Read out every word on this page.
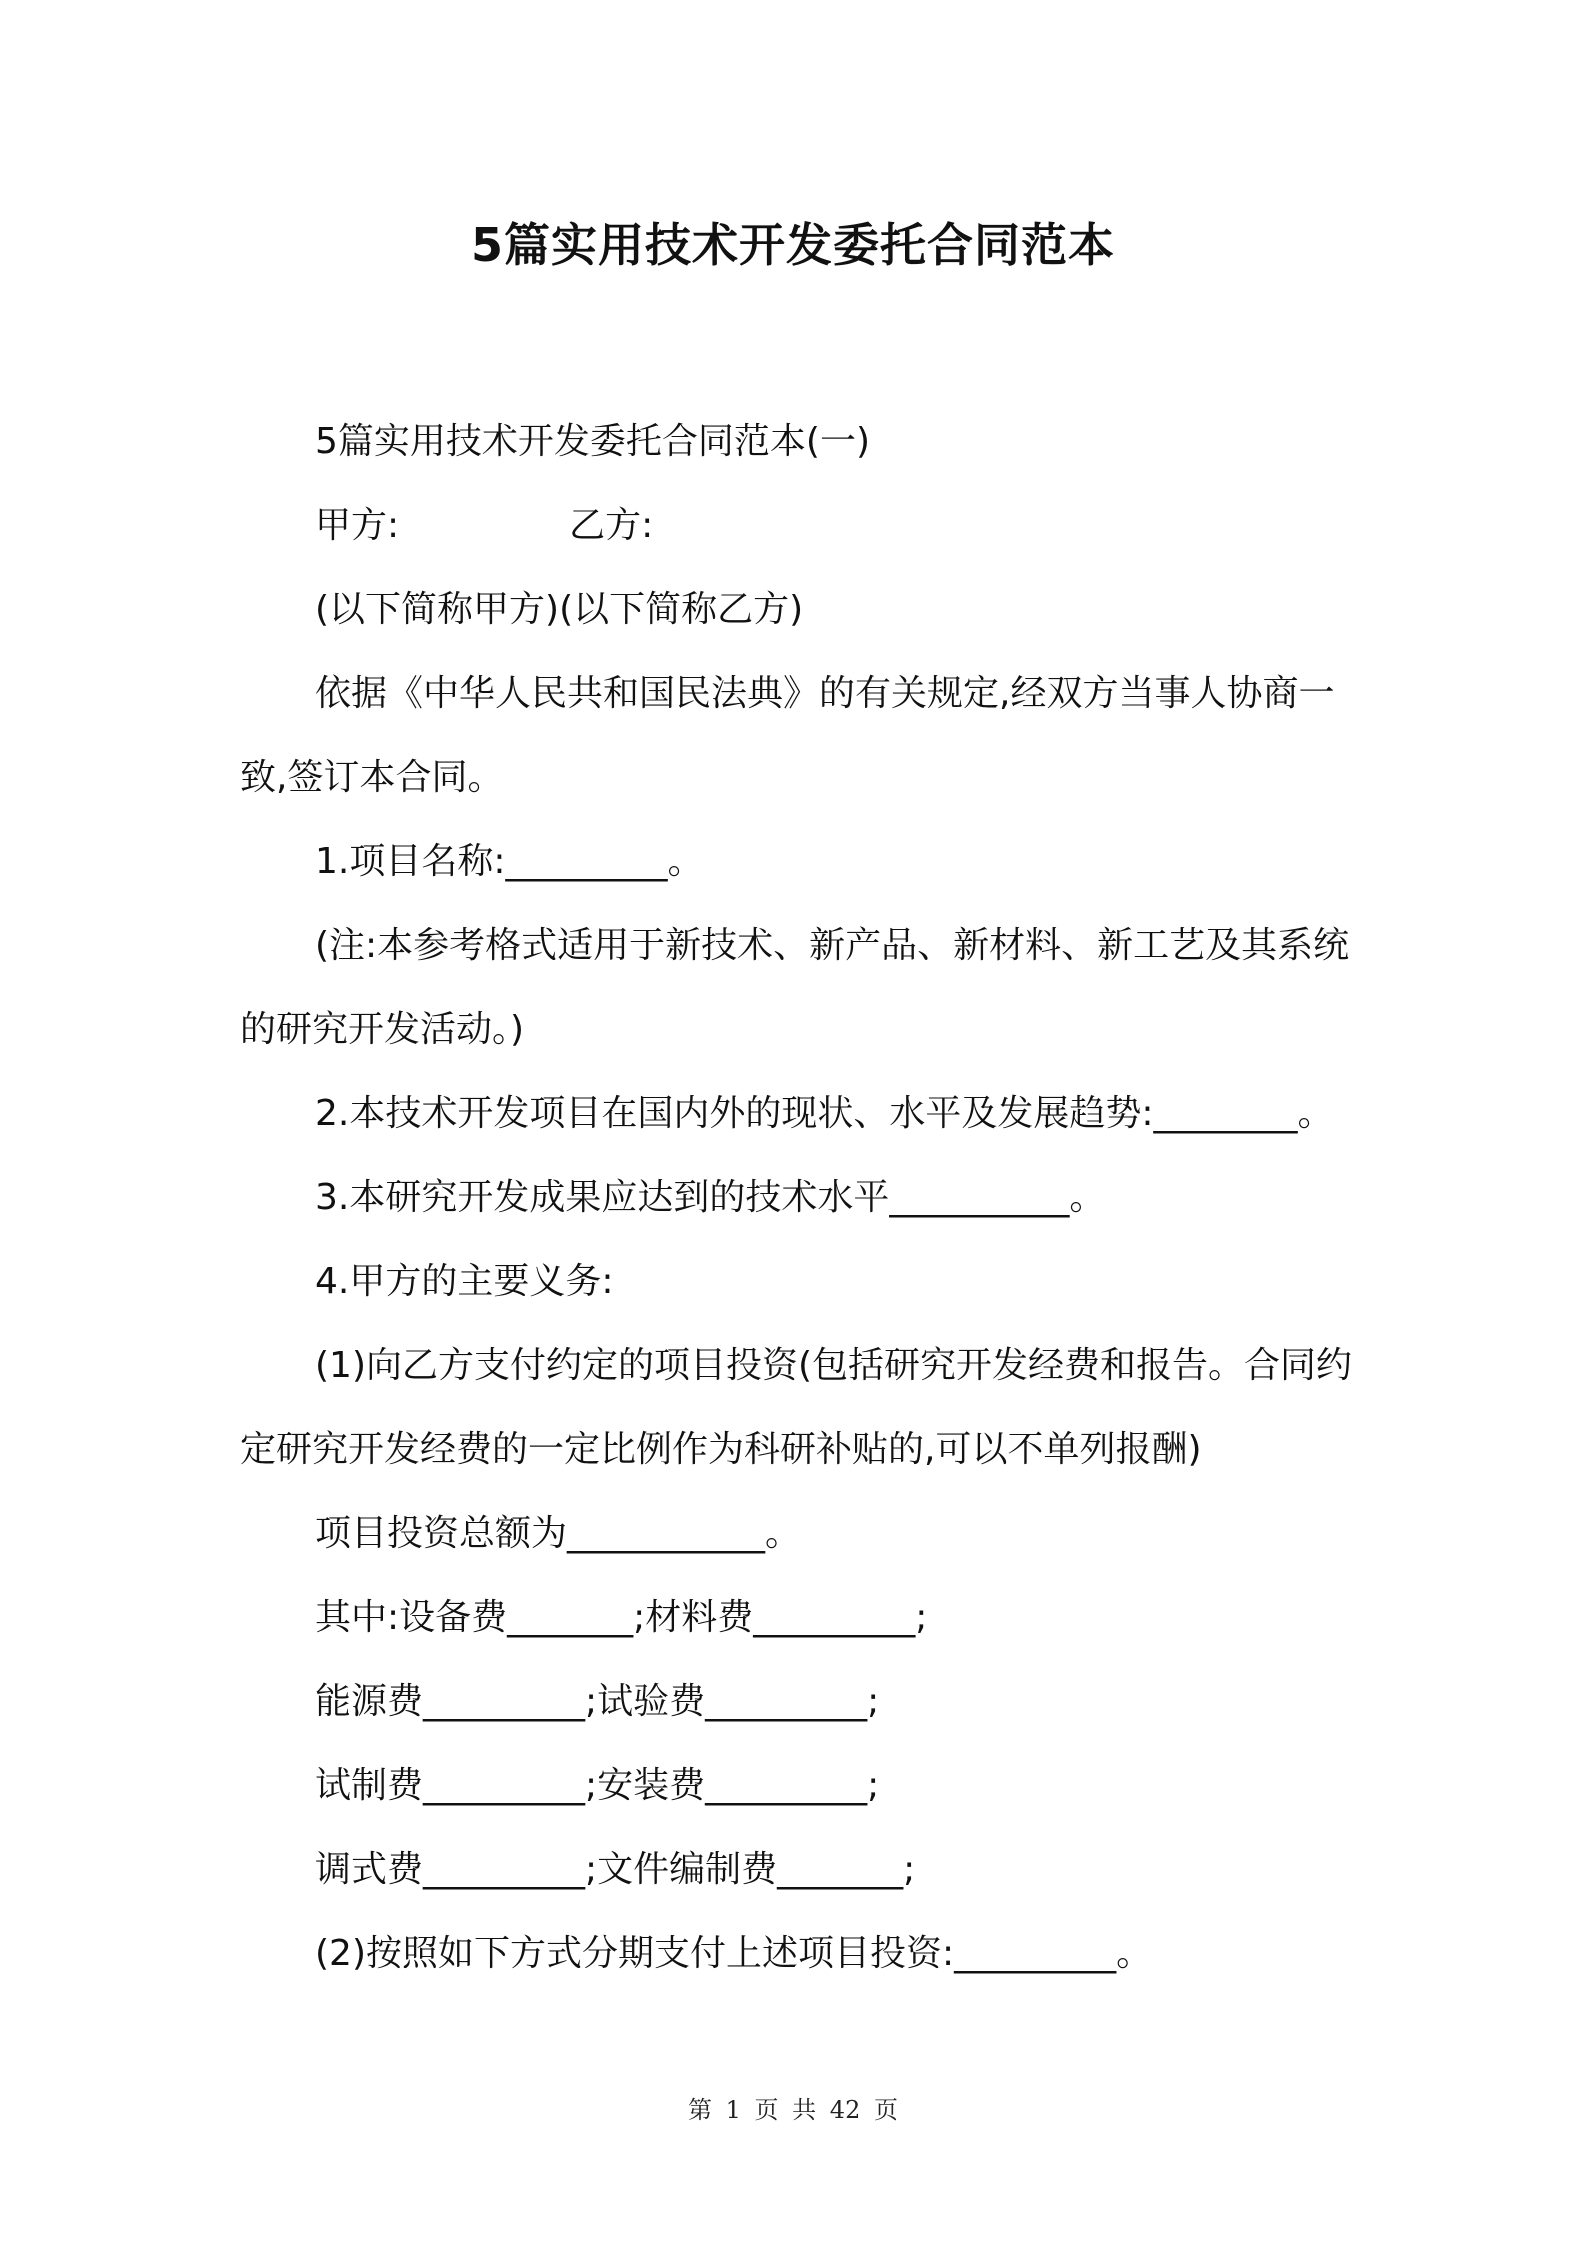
5篇实用技术开发委托合同范本

5篇实用技术开发委托合同范本(一)

甲方:	乙方:

(以下简称甲方)(以下简称乙方)

依据《中华人民共和国民法典》的有关规定,经双方当事人协商一致,签订本合同。

1.项目名称:_________。

(注:本参考格式适用于新技术、新产品、新材料、新工艺及其系统的研究开发活动。)

2.本技术开发项目在国内外的现状、水平及发展趋势:________。

3.本研究开发成果应达到的技术水平__________。

4.甲方的主要义务:

(1)向乙方支付约定的项目投资(包括研究开发经费和报告。合同约定研究开发经费的一定比例作为科研补贴的,可以不单列报酬)

项目投资总额为___________。

其中:设备费_______;材料费_________;

能源费_________;试验费_________;

试制费_________;安装费_________;

调式费_________;文件编制费_______;

(2)按照如下方式分期支付上述项目投资:_________。

第 1 页 共 42 页
